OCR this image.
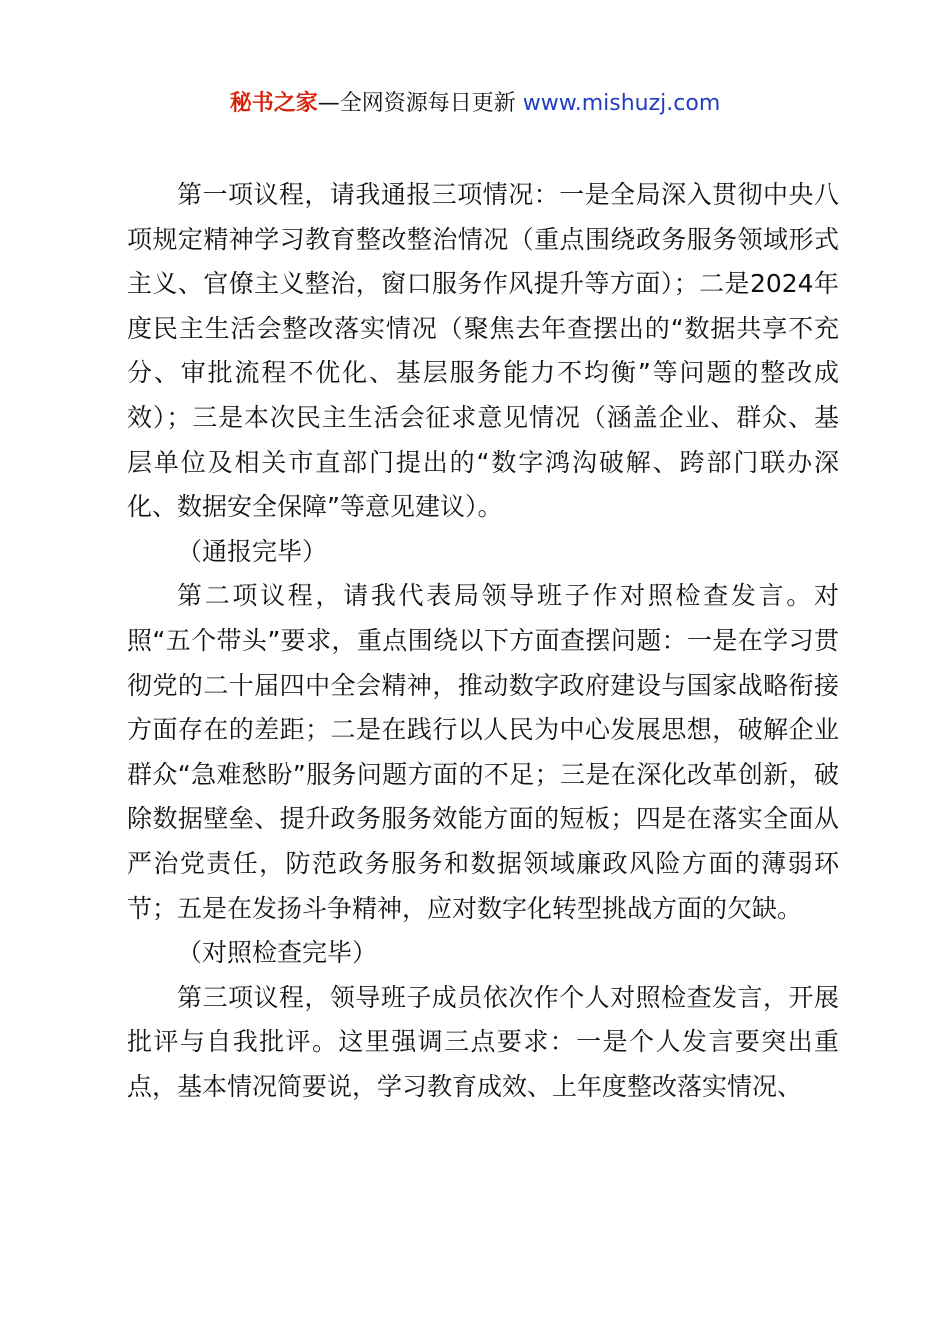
秘书之家—全网资源每日更新 www.mishuzj.com

第一项议程，请我通报三项情况：一是全局深入贯彻中央八项规定精神学习教育整改整治情况（重点围绕政务服务领域形式主义、官僚主义整治，窗口服务作风提升等方面）；二是2024年度民主生活会整改落实情况（聚焦去年查摆出的“数据共享不充分、审批流程不优化、基层服务能力不均衡”等问题的整改成效）；三是本次民主生活会征求意见情况（涵盖企业、群众、基层单位及相关市直部门提出的“数字鸿沟破解、跨部门联办深化、数据安全保障”等意见建议）。

（通报完毕）

第二项议程，请我代表局领导班子作对照检查发言。对照“五个带头”要求，重点围绕以下方面查摆问题：一是在学习贯彻党的二十届四中全会精神，推动数字政府建设与国家战略衔接方面存在的差距；二是在践行以人民为中心发展思想，破解企业群众“急难愁盼”服务问题方面的不足；三是在深化改革创新，破除数据壁垒、提升政务服务效能方面的短板；四是在落实全面从严治党责任，防范政务服务和数据领域廉政风险方面的薄弱环节；五是在发扬斗争精神，应对数字化转型挑战方面的欠缺。

（对照检查完毕）

第三项议程，领导班子成员依次作个人对照检查发言，开展批评与自我批评。这里强调三点要求：一是个人发言要突出重点，基本情况简要说，学习教育成效、上年度整改落实情况、
